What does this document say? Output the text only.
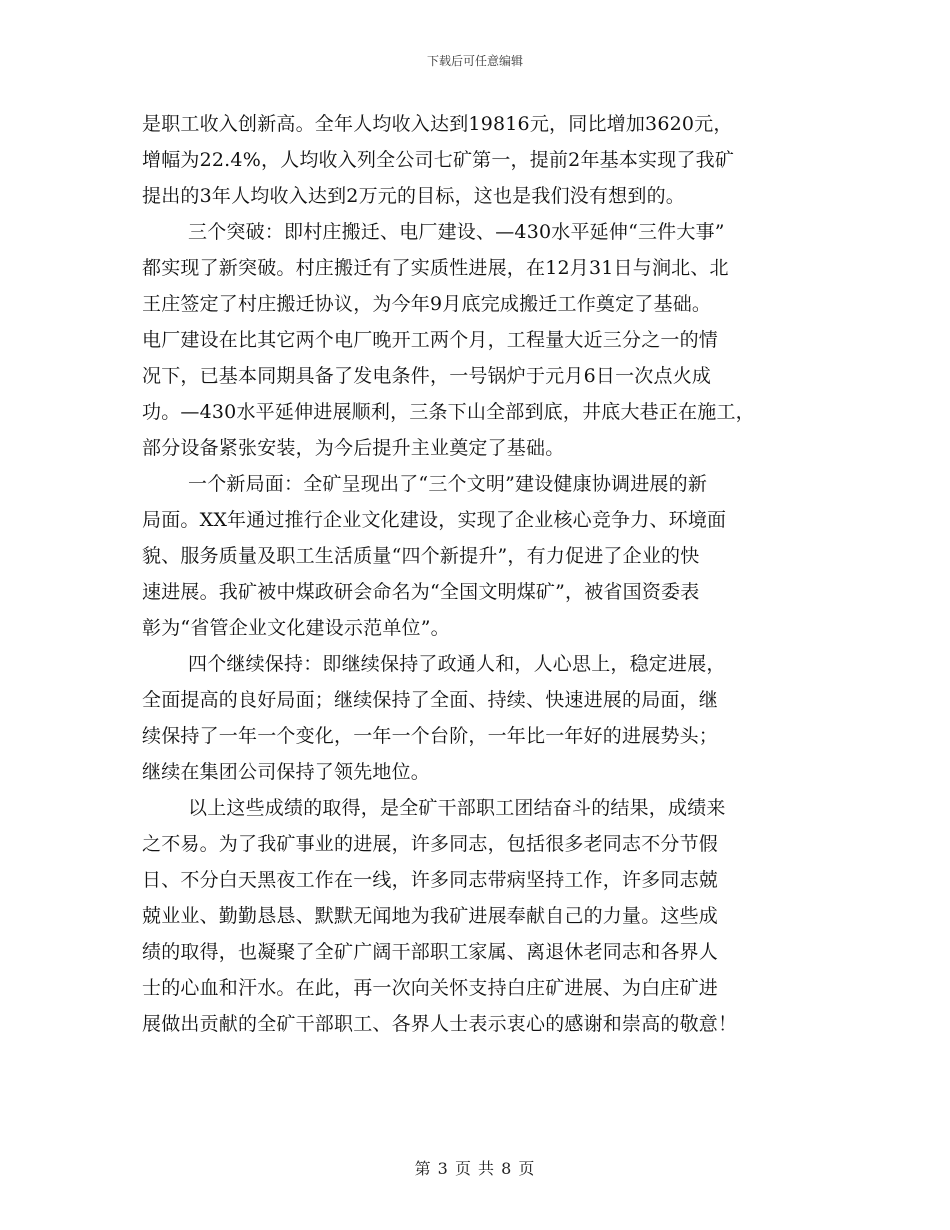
下载后可任意编辑
是职工收入创新高。全年人均收入达到19816元，同比增加3620元，
增幅为22.4%，人均收入列全公司七矿第一，提前2年基本实现了我矿
提出的3年人均收入达到2万元的目标，这也是我们没有想到的。
三个突破：即村庄搬迁、电厂建设、—430水平延伸“三件大事”
都实现了新突破。村庄搬迁有了实质性进展，在12月31日与涧北、北
王庄签定了村庄搬迁协议，为今年9月底完成搬迁工作奠定了基础。
电厂建设在比其它两个电厂晚开工两个月，工程量大近三分之一的情
况下，已基本同期具备了发电条件，一号锅炉于元月6日一次点火成
功。—430水平延伸进展顺利，三条下山全部到底，井底大巷正在施工，
部分设备紧张安装，为今后提升主业奠定了基础。
一个新局面：全矿呈现出了“三个文明”建设健康协调进展的新
局面。XX年通过推行企业文化建设，实现了企业核心竞争力、环境面
貌、服务质量及职工生活质量“四个新提升”，有力促进了企业的快
速进展。我矿被中煤政研会命名为“全国文明煤矿”，被省国资委表
彰为“省管企业文化建设示范单位”。
四个继续保持：即继续保持了政通人和，人心思上，稳定进展，
全面提高的良好局面；继续保持了全面、持续、快速进展的局面，继
续保持了一年一个变化，一年一个台阶，一年比一年好的进展势头；
继续在集团公司保持了领先地位。
以上这些成绩的取得，是全矿干部职工团结奋斗的结果，成绩来
之不易。为了我矿事业的进展，许多同志，包括很多老同志不分节假
日、不分白天黑夜工作在一线，许多同志带病坚持工作，许多同志兢
兢业业、勤勤恳恳、默默无闻地为我矿进展奉献自己的力量。这些成
绩的取得，也凝聚了全矿广阔干部职工家属、离退休老同志和各界人
士的心血和汗水。在此，再一次向关怀支持白庄矿进展、为白庄矿进
展做出贡献的全矿干部职工、各界人士表示衷心的感谢和崇高的敬意！
第 3 页 共 8 页
